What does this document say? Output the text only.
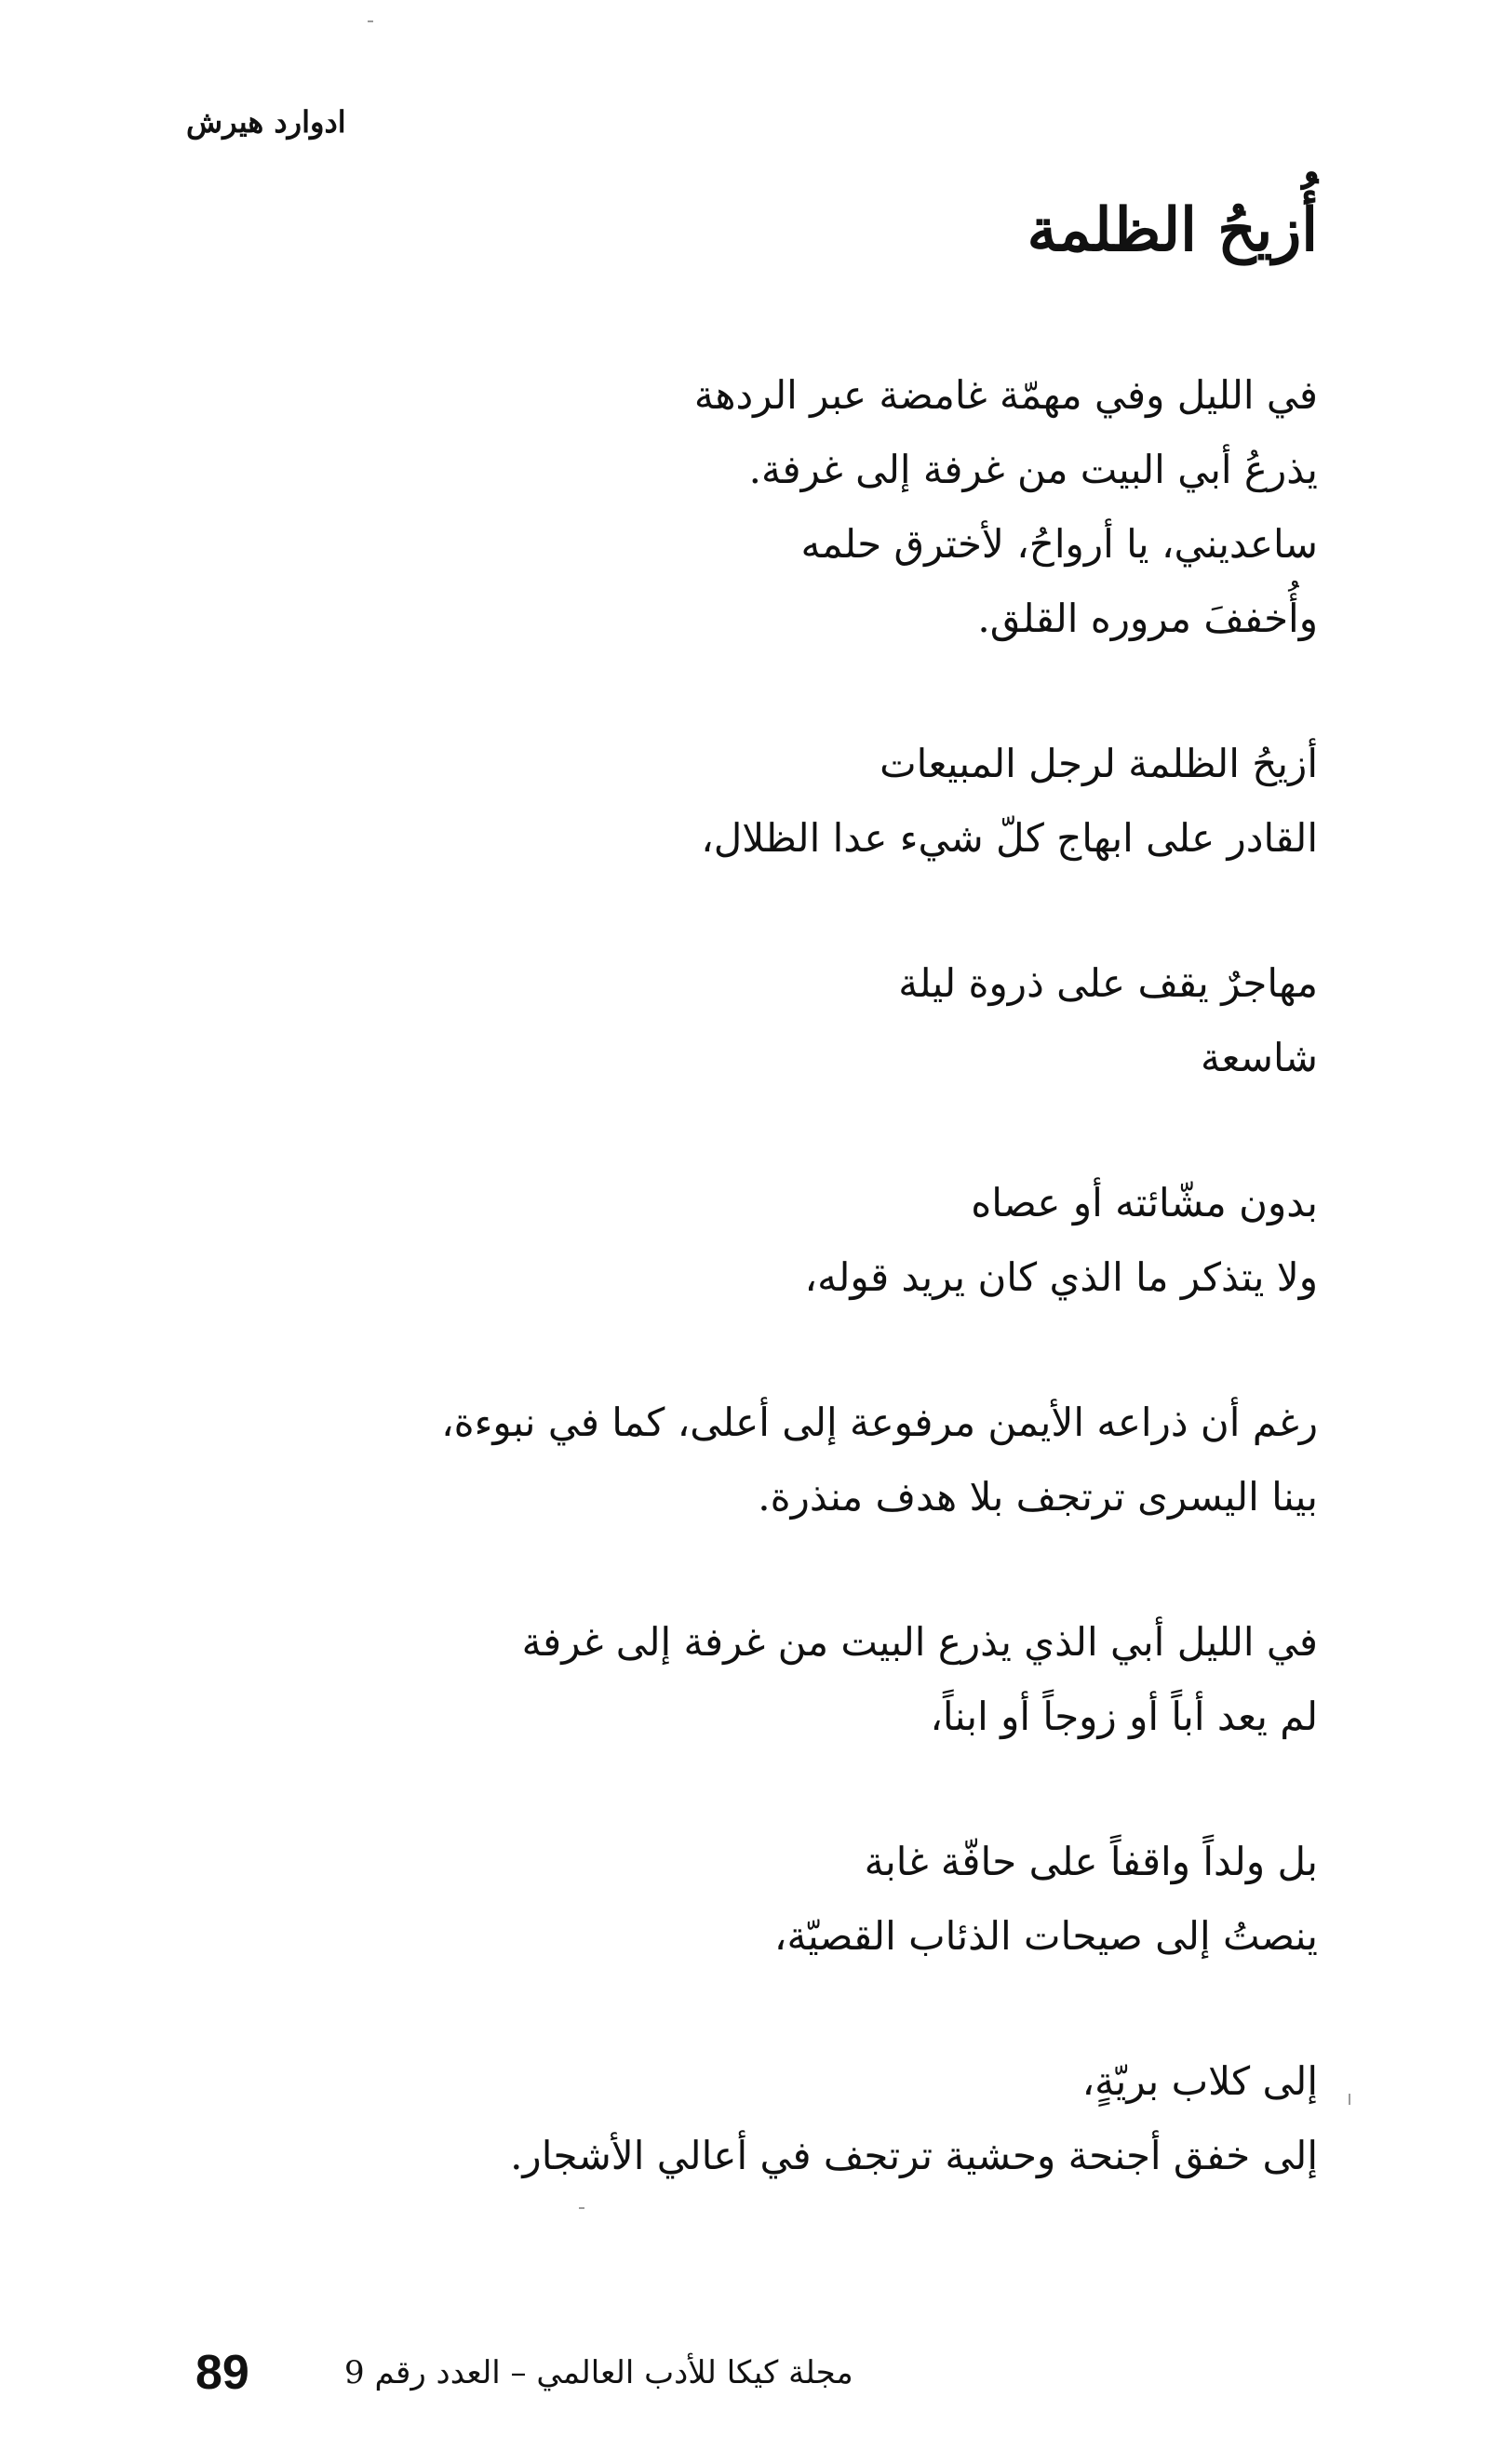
ادوارد هيرش
أُزيحُ الظلمة
في الليل وفي مهمّة غامضة عبر الردهة
يذرعُ أبي البيت من غرفة إلى غرفة.
ساعديني، يا أرواحُ، لأخترق حلمه
وأُخففَ مروره القلق.
أزيحُ الظلمة لرجل المبيعات
القادر على ابهاج كلّ شيء عدا الظلال،
مهاجرٌ يقف على ذروة ليلة
شاسعة
بدون مشّائته أو عصاه
ولا يتذكر ما الذي كان يريد قوله،
رغم أن ذراعه الأيمن مرفوعة إلى أعلى، كما في نبوءة،
بينا اليسرى ترتجف بلا هدف منذرة.
في الليل أبي الذي يذرع البيت من غرفة إلى غرفة
لم يعد أباً أو زوجاً أو ابناً،
بل ولداً واقفاً على حافّة غابة
ينصتُ إلى صيحات الذئاب القصيّة،
إلى كلاب بريّةٍ،
إلى خفق أجنحة وحشية ترتجف في أعالي الأشجار.
89	مجلة كيكا للأدب العالمي – العدد رقم 9
